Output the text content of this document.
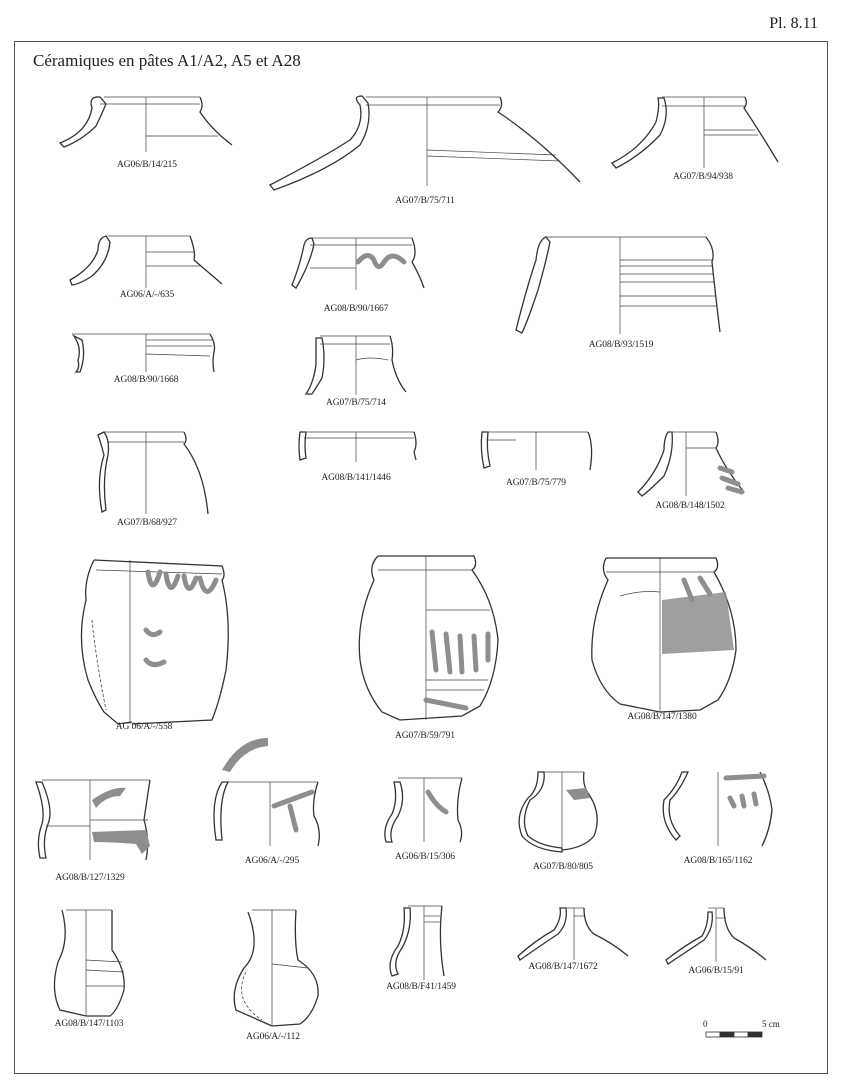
Pl. 8.11
Céramiques en pâtes A1/A2, A5 et A28
AG06/B/14/215
AG07/B/75/711
AG07/B/94/938
AG06/A/-/635
AG08/B/90/1667
AG08/B/93/1519
AG08/B/90/1668
AG07/B/75/714
AG07/B/68/927
AG08/B/141/1446	AG07/B/75/779
AG08/B/148/1502
AG 06/A/-/558
AG07/B/59/791
AG08/B/147/1380
AG08/B/127/1329
AG06/A/-/295	AG06/B/15/306
AG07/B/80/805
AG08/B/165/1162
AG08/B/147/1103
AG06/A/-/112
AG08/B/F41/1459
AG08/B/147/1672	AG06/B/15/91
0	5 cm
